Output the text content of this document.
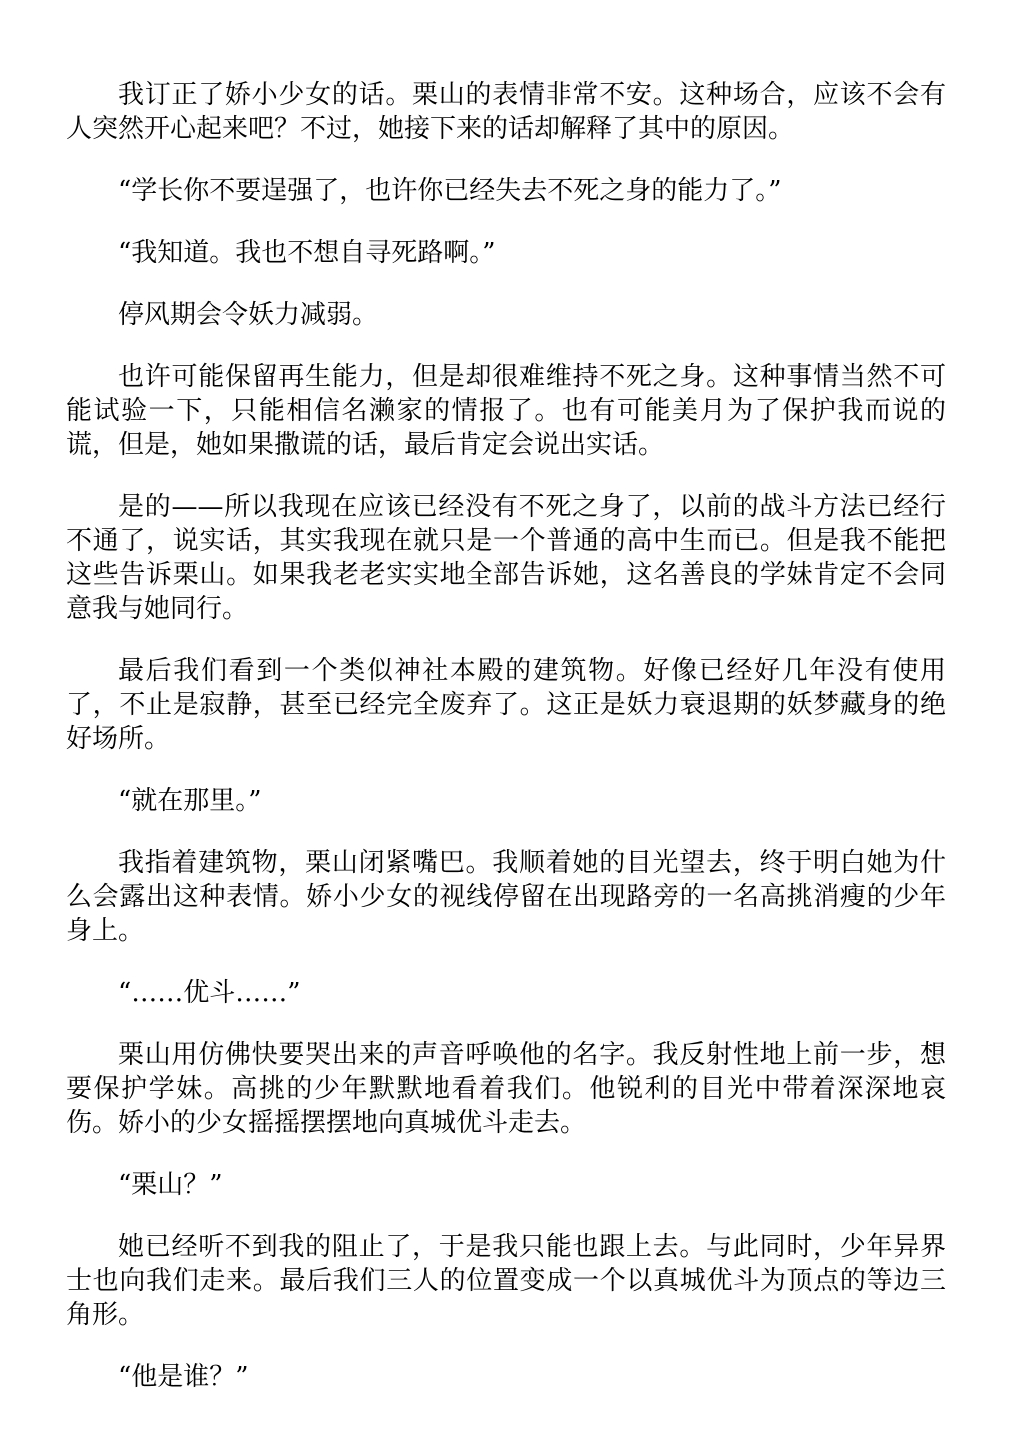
我订正了娇小少女的话。栗山的表情非常不安。这种场合，应该不会有人突然开心起来吧？不过，她接下来的话却解释了其中的原因。

“学长你不要逞强了，也许你已经失去不死之身的能力了。”

“我知道。我也不想自寻死路啊。”

停风期会令妖力减弱。

也许可能保留再生能力，但是却很难维持不死之身。这种事情当然不可能试验一下，只能相信名濑家的情报了。也有可能美月为了保护我而说的谎，但是，她如果撒谎的话，最后肯定会说出实话。

是的——所以我现在应该已经没有不死之身了，以前的战斗方法已经行不通了，说实话，其实我现在就只是一个普通的高中生而已。但是我不能把这些告诉栗山。如果我老老实实地全部告诉她，这名善良的学妹肯定不会同意我与她同行。

最后我们看到一个类似神社本殿的建筑物。好像已经好几年没有使用了，不止是寂静，甚至已经完全废弃了。这正是妖力衰退期的妖梦藏身的绝好场所。

“就在那里。”

我指着建筑物，栗山闭紧嘴巴。我顺着她的目光望去，终于明白她为什么会露出这种表情。娇小少女的视线停留在出现路旁的一名高挑消瘦的少年身上。

“……优斗……”

栗山用仿佛快要哭出来的声音呼唤他的名字。我反射性地上前一步，想要保护学妹。高挑的少年默默地看着我们。他锐利的目光中带着深深地哀伤。娇小的少女摇摇摆摆地向真城优斗走去。

“栗山？”

她已经听不到我的阻止了，于是我只能也跟上去。与此同时，少年异界士也向我们走来。最后我们三人的位置变成一个以真城优斗为顶点的等边三角形。

“他是谁？”
